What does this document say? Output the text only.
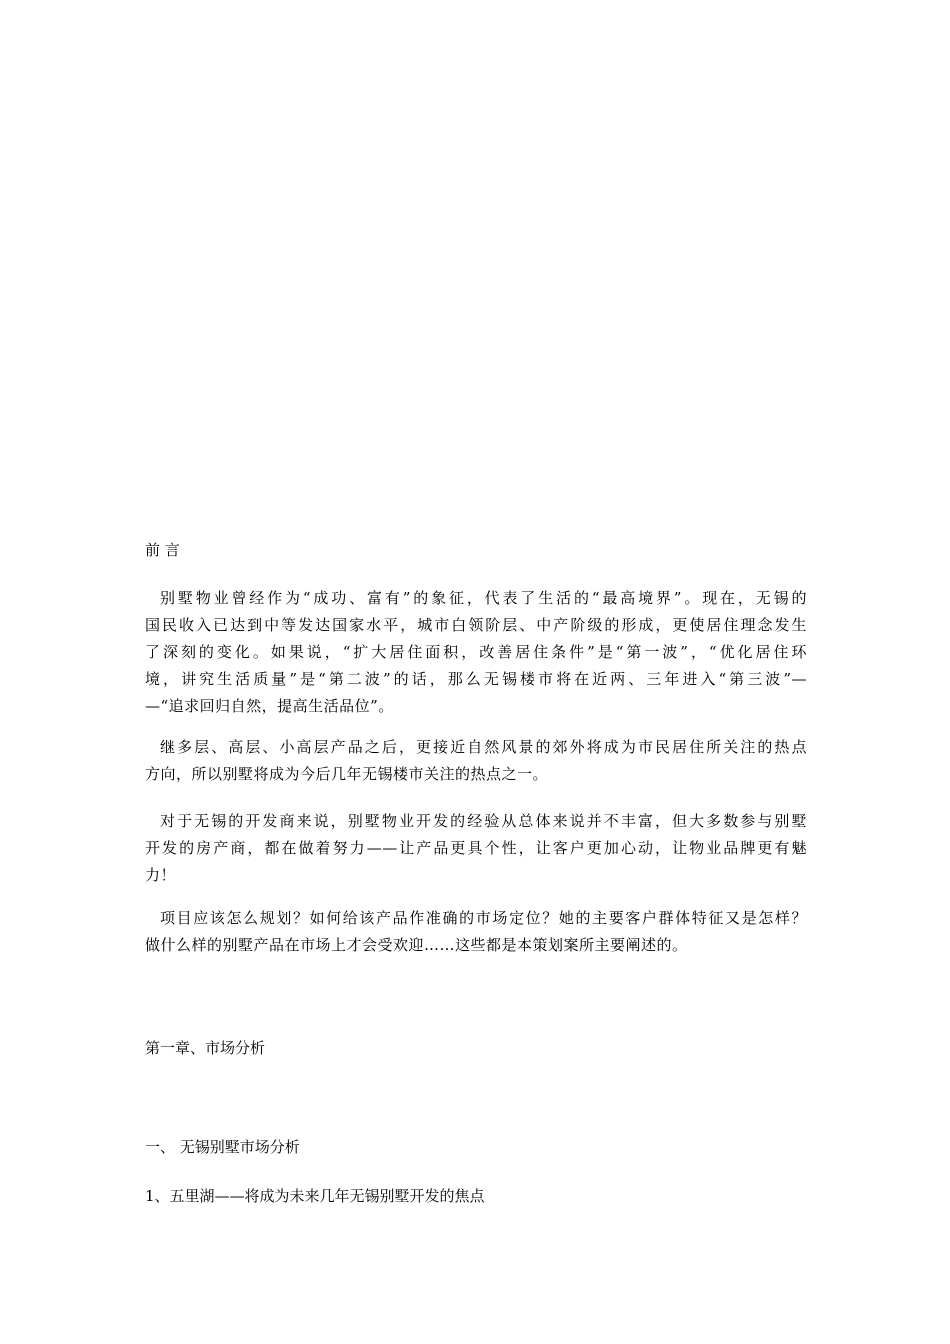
前 言

别墅物业曾经作为“成功、富有”的象征，代表了生活的“最高境界”。现在，无锡的
国民收入已达到中等发达国家水平，城市白领阶层、中产阶级的形成，更使居住理念发生
了深刻的变化。如果说，“扩大居住面积，改善居住条件”是“第一波”，“优化居住环
境，讲究生活质量”是“第二波”的话，那么无锡楼市将在近两、三年进入“第三波”—
—“追求回归自然，提高生活品位”。
继多层、高层、小高层产品之后，更接近自然风景的郊外将成为市民居住所关注的热点
方向，所以别墅将成为今后几年无锡楼市关注的热点之一。
对于无锡的开发商来说，别墅物业开发的经验从总体来说并不丰富，但大多数参与别墅
开发的房产商，都在做着努力——让产品更具个性，让客户更加心动，让物业品牌更有魅
力！
项目应该怎么规划？如何给该产品作准确的市场定位？她的主要客户群体特征又是怎样？
做什么样的别墅产品在市场上才会受欢迎……这些都是本策划案所主要阐述的。

第一章、市场分析

一、 无锡别墅市场分析

1、五里湖——将成为未来几年无锡别墅开发的焦点
